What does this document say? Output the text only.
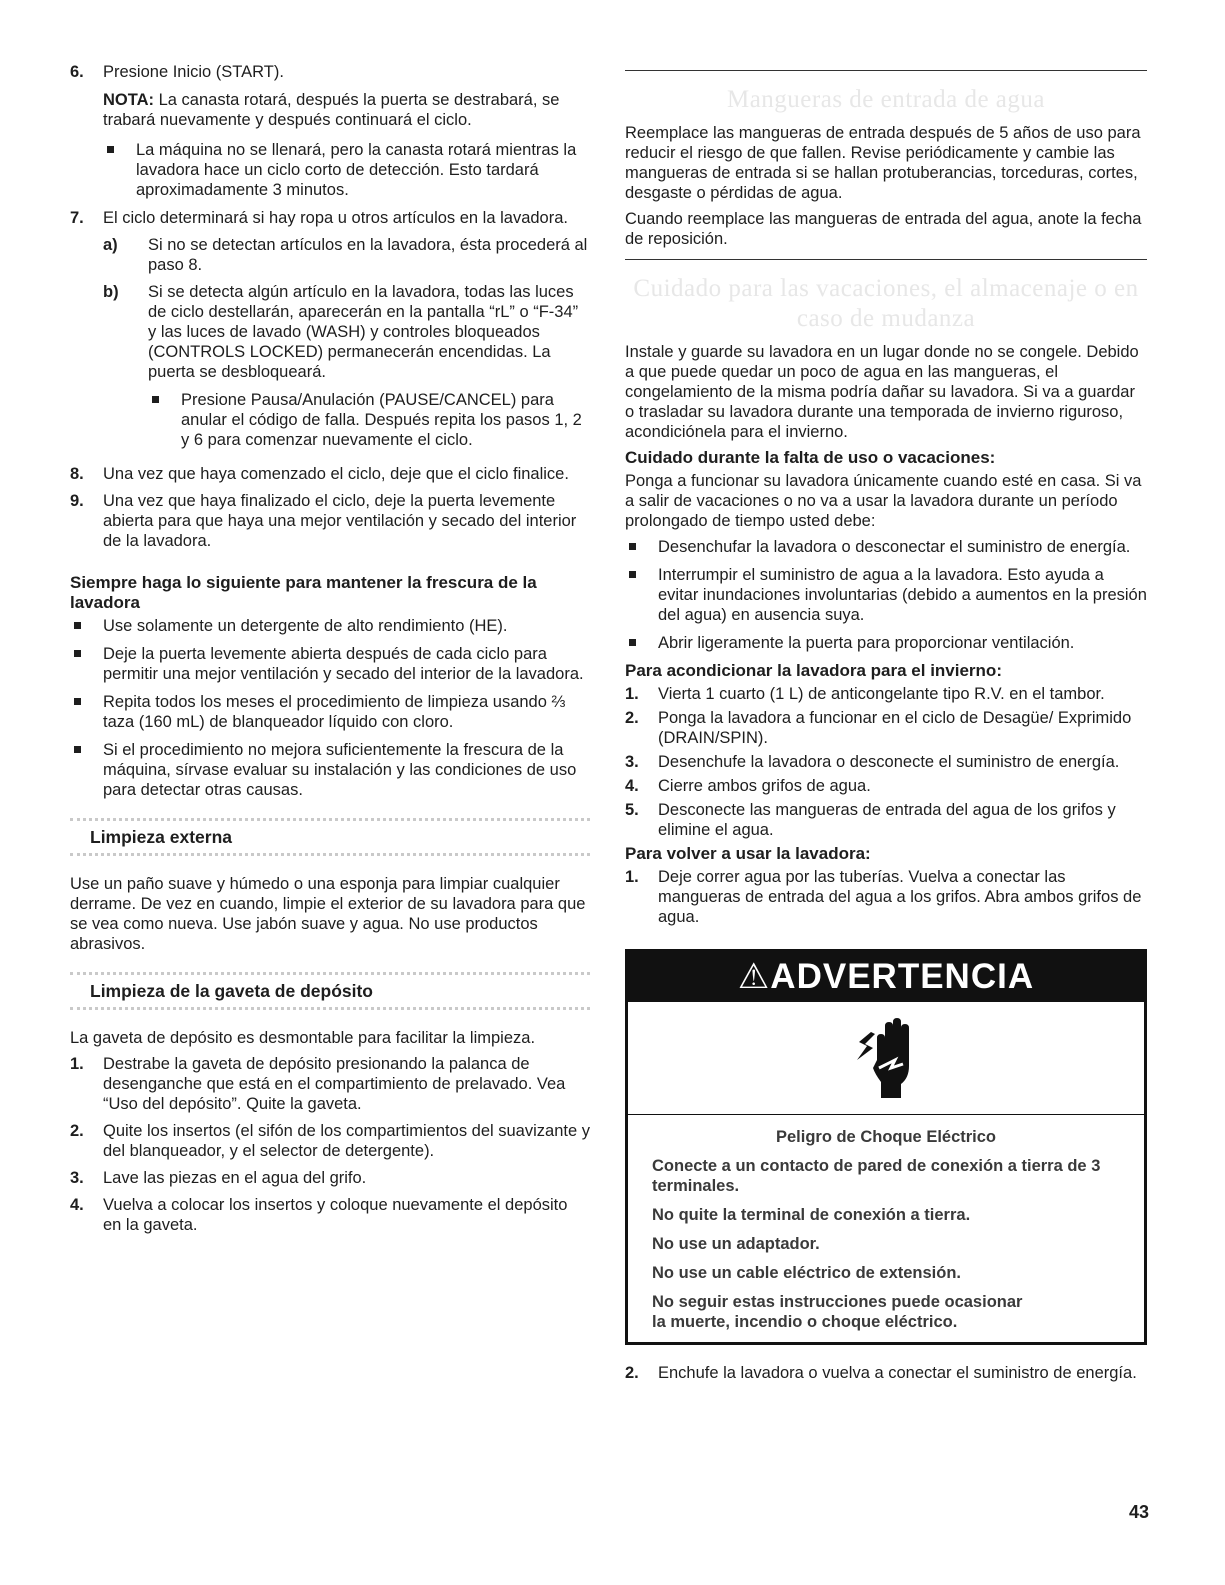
6. Presione Inicio (START).

NOTA: La canasta rotará, después la puerta se destrabará, se trabará nuevamente y después continuará el ciclo.

La máquina no se llenará, pero la canasta rotará mientras la lavadora hace un ciclo corto de detección. Esto tardará aproximadamente 3 minutos.
7. El ciclo determinará si hay ropa u otros artículos en la lavadora.

a) Si no se detectan artículos en la lavadora, ésta procederá al paso 8.

b) Si se detecta algún artículo en la lavadora, todas las luces de ciclo destellarán, aparecerán en la pantalla “rL” o “F-34” y las luces de lavado (WASH) y controles bloqueados (CONTROLS LOCKED) permanecerán encendidas. La puerta se desbloqueará.

Presione Pausa/Anulación (PAUSE/CANCEL) para anular el código de falla. Después repita los pasos 1, 2 y 6 para comenzar nuevamente el ciclo.
8. Una vez que haya comenzado el ciclo, deje que el ciclo finalice.

9. Una vez que haya finalizado el ciclo, deje la puerta levemente abierta para que haya una mejor ventilación y secado del interior de la lavadora.

Siempre haga lo siguiente para mantener la frescura de la lavadora
Use solamente un detergente de alto rendimiento (HE).
Deje la puerta levemente abierta después de cada ciclo para permitir una mejor ventilación y secado del interior de la lavadora.
Repita todos los meses el procedimiento de limpieza usando ⅔ taza (160 mL) de blanqueador líquido con cloro.
Si el procedimiento no mejora suficientemente la frescura de la máquina, sírvase evaluar su instalación y las condiciones de uso para detectar otras causas.
Limpieza externa

Use un paño suave y húmedo o una esponja para limpiar cualquier derrame. De vez en cuando, limpie el exterior de su lavadora para que se vea como nueva. Use jabón suave y agua. No use productos abrasivos.

Limpieza de la gaveta de depósito

La gaveta de depósito es desmontable para facilitar la limpieza.

1. Destrabe la gaveta de depósito presionando la palanca de desenganche que está en el compartimiento de prelavado. Vea “Uso del depósito”. Quite la gaveta.

2. Quite los insertos (el sifón de los compartimientos del suavizante y del blanqueador, y el selector de detergente).

3. Lave las piezas en el agua del grifo.

4. Vuelva a colocar los insertos y coloque nuevamente el depósito en la gaveta.

Mangueras de entrada de agua

Reemplace las mangueras de entrada después de 5 años de uso para reducir el riesgo de que fallen. Revise periódicamente y cambie las mangueras de entrada si se hallan protuberancias, torceduras, cortes, desgaste o pérdidas de agua.

Cuando reemplace las mangueras de entrada del agua, anote la fecha de reposición.

Cuidado para las vacaciones, el almacenaje o en
caso de mudanza

Instale y guarde su lavadora en un lugar donde no se congele. Debido a que puede quedar un poco de agua en las mangueras, el congelamiento de la misma podría dañar su lavadora. Si va a guardar o trasladar su lavadora durante una temporada de invierno riguroso, acondiciónela para el invierno.

Cuidado durante la falta de uso o vacaciones:

Ponga a funcionar su lavadora únicamente cuando esté en casa. Si va a salir de vacaciones o no va a usar la lavadora durante un período prolongado de tiempo usted debe:

Desenchufar la lavadora o desconectar el suministro de energía.
Interrumpir el suministro de agua a la lavadora. Esto ayuda a evitar inundaciones involuntarias (debido a aumentos en la presión del agua) en ausencia suya.
Abrir ligeramente la puerta para proporcionar ventilación.
Para acondicionar la lavadora para el invierno:
1. Vierta 1 cuarto (1 L) de anticongelante tipo R.V. en el tambor.

2. Ponga la lavadora a funcionar en el ciclo de Desagüe/ Exprimido (DRAIN/SPIN).

3. Desenchufe la lavadora o desconecte el suministro de energía.

4. Cierre ambos grifos de agua.

5. Desconecte las mangueras de entrada del agua de los grifos y elimine el agua.

Para volver a usar la lavadora:
1. Deje correr agua por las tuberías. Vuelva a conectar las mangueras de entrada del agua a los grifos. Abra ambos grifos de agua.

⚠ADVERTENCIA

Peligro de Choque Eléctrico

Conecte a un contacto de pared de conexión a tierra de 3 terminales.

No quite la terminal de conexión a tierra.

No use un adaptador.

No use un cable eléctrico de extensión.

No seguir estas instrucciones puede ocasionar
la muerte, incendio o choque eléctrico.

2. Enchufe la lavadora o vuelva a conectar el suministro de energía.

43
